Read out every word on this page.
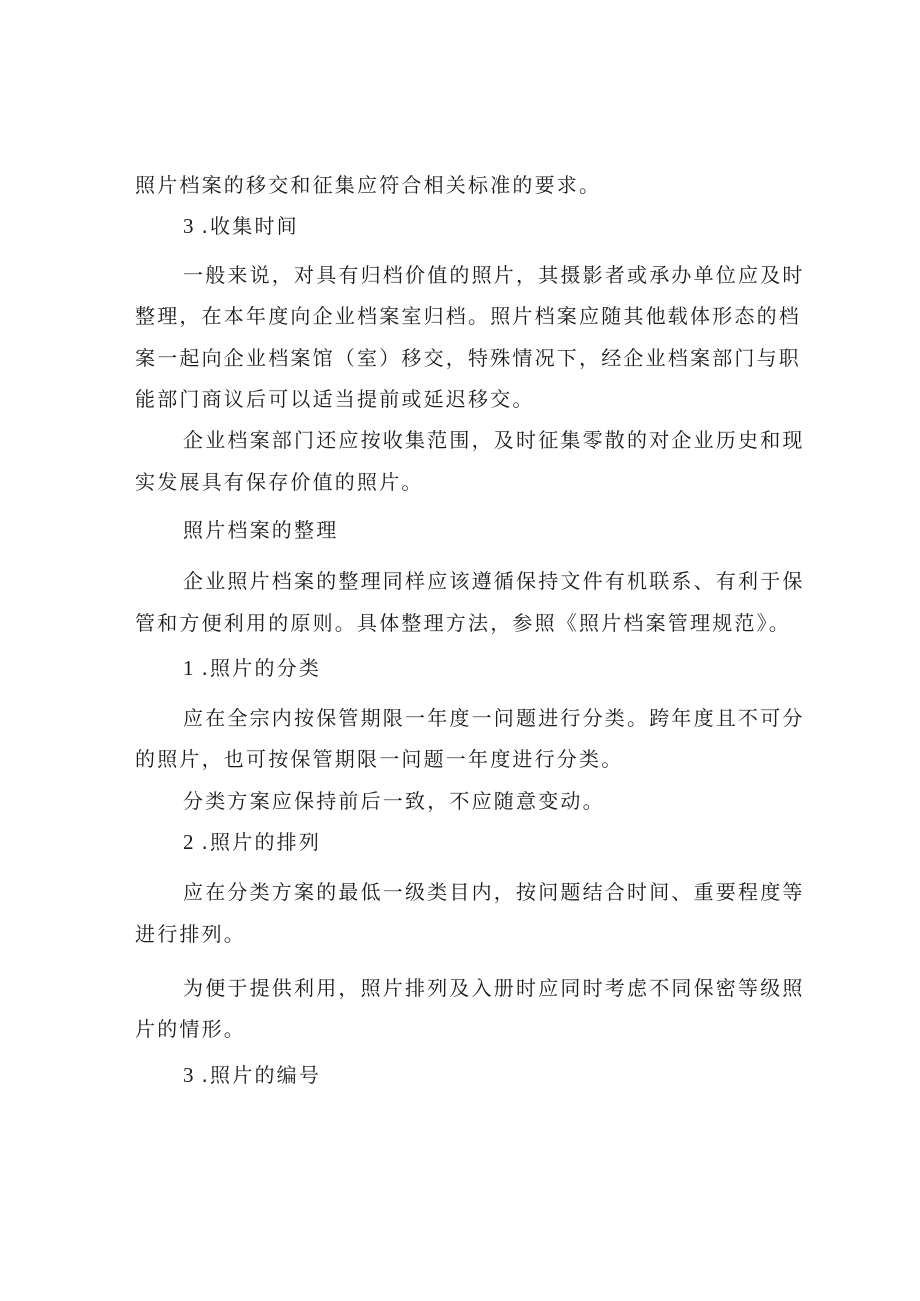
照片档案的移交和征集应符合相关标准的要求。
3 .收集时间
一般来说，对具有归档价值的照片，其摄影者或承办单位应及时
整理，在本年度向企业档案室归档。照片档案应随其他载体形态的档
案一起向企业档案馆（室）移交，特殊情况下，经企业档案部门与职
能部门商议后可以适当提前或延迟移交。
企业档案部门还应按收集范围，及时征集零散的对企业历史和现
实发展具有保存价值的照片。
照片档案的整理
企业照片档案的整理同样应该遵循保持文件有机联系、有利于保
管和方便利用的原则。具体整理方法，参照《照片档案管理规范》。
1 .照片的分类
应在全宗内按保管期限一年度一问题进行分类。跨年度且不可分
的照片，也可按保管期限一问题一年度进行分类。
分类方案应保持前后一致，不应随意变动。
2 .照片的排列
应在分类方案的最低一级类目内，按问题结合时间、重要程度等
进行排列。
为便于提供利用，照片排列及入册时应同时考虑不同保密等级照
片的情形。
3 .照片的编号
